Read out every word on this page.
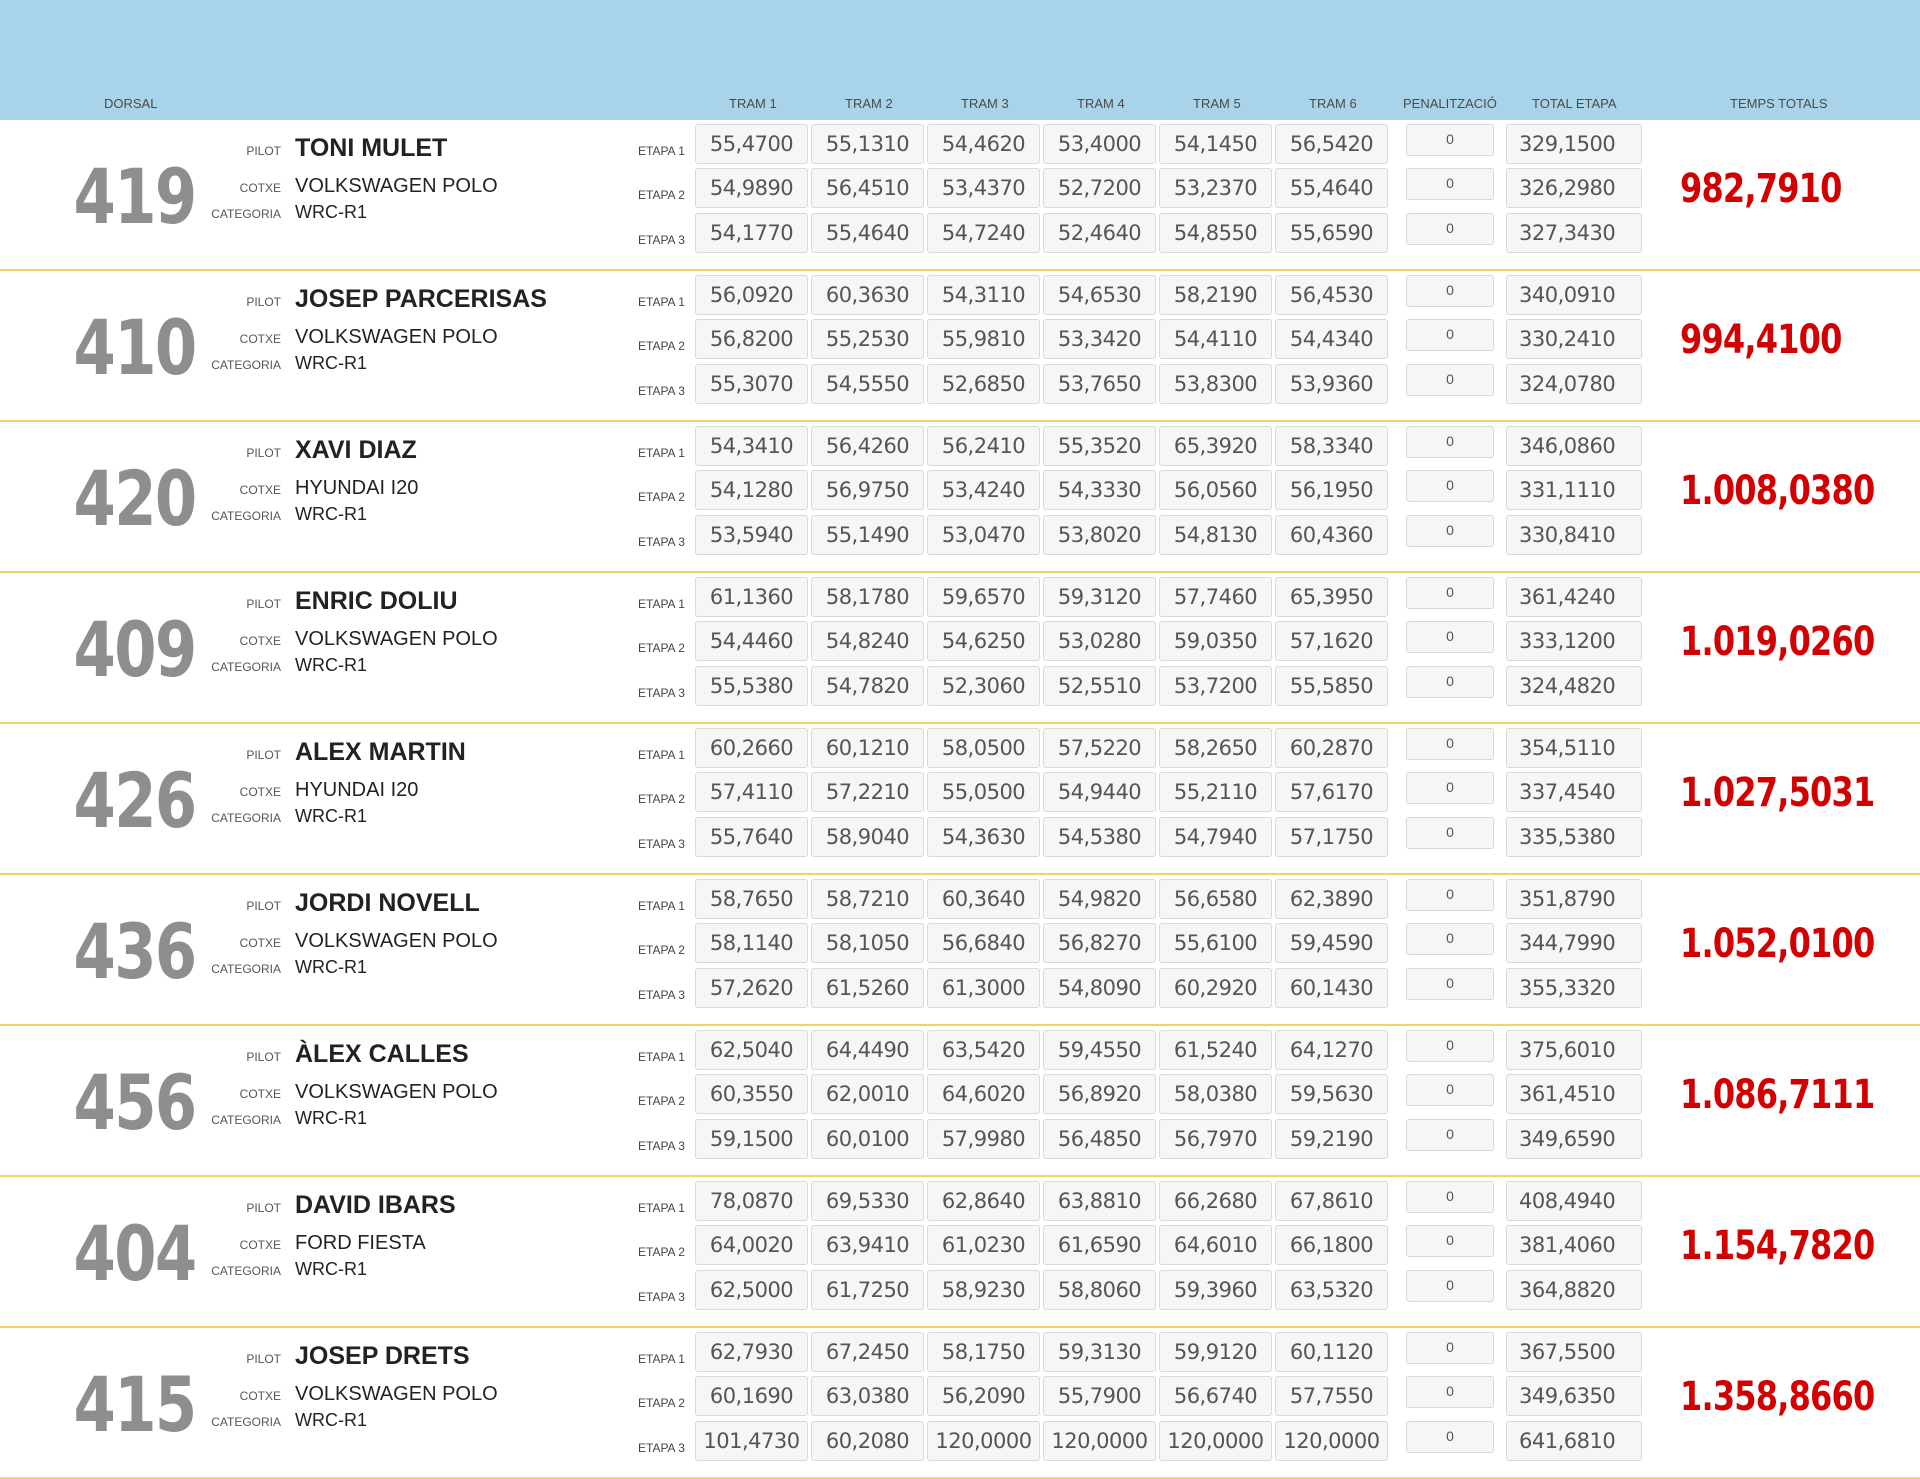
DORSAL	TRAM 1	TRAM 2	TRAM 3	TRAM 4	TRAM 5	TRAM 6	PENALITZACIÓ	TOTAL ETAPA	TEMPS TOTALS
419
PILOT TONI MULET
COTXE VOLKSWAGEN POLO
CATEGORIA WRC-R1
ETAPA 1	55,4700	55,1310	54,4620	53,4000	54,1450	56,5420	0	329,1500
ETAPA 2	54,9890	56,4510	53,4370	52,7200	53,2370	55,4640	0	326,2980
ETAPA 3	54,1770	55,4640	54,7240	52,4640	54,8550	55,6590	0	327,3430
982,7910
410
PILOT JOSEP PARCERISAS
COTXE VOLKSWAGEN POLO
CATEGORIA WRC-R1
ETAPA 1	56,0920	60,3630	54,3110	54,6530	58,2190	56,4530	0	340,0910
ETAPA 2	56,8200	55,2530	55,9810	53,3420	54,4110	54,4340	0	330,2410
ETAPA 3	55,3070	54,5550	52,6850	53,7650	53,8300	53,9360	0	324,0780
994,4100
420
PILOT XAVI DIAZ
COTXE HYUNDAI I20
CATEGORIA WRC-R1
ETAPA 1	54,3410	56,4260	56,2410	55,3520	65,3920	58,3340	0	346,0860
ETAPA 2	54,1280	56,9750	53,4240	54,3330	56,0560	56,1950	0	331,1110
ETAPA 3	53,5940	55,1490	53,0470	53,8020	54,8130	60,4360	0	330,8410
1.008,0380
409
PILOT ENRIC DOLIU
COTXE VOLKSWAGEN POLO
CATEGORIA WRC-R1
ETAPA 1	61,1360	58,1780	59,6570	59,3120	57,7460	65,3950	0	361,4240
ETAPA 2	54,4460	54,8240	54,6250	53,0280	59,0350	57,1620	0	333,1200
ETAPA 3	55,5380	54,7820	52,3060	52,5510	53,7200	55,5850	0	324,4820
1.019,0260
426
PILOT ALEX MARTIN
COTXE HYUNDAI I20
CATEGORIA WRC-R1
ETAPA 1	60,2660	60,1210	58,0500	57,5220	58,2650	60,2870	0	354,5110
ETAPA 2	57,4110	57,2210	55,0500	54,9440	55,2110	57,6170	0	337,4540
ETAPA 3	55,7640	58,9040	54,3630	54,5380	54,7940	57,1750	0	335,5380
1.027,5031
436
PILOT JORDI NOVELL
COTXE VOLKSWAGEN POLO
CATEGORIA WRC-R1
ETAPA 1	58,7650	58,7210	60,3640	54,9820	56,6580	62,3890	0	351,8790
ETAPA 2	58,1140	58,1050	56,6840	56,8270	55,6100	59,4590	0	344,7990
ETAPA 3	57,2620	61,5260	61,3000	54,8090	60,2920	60,1430	0	355,3320
1.052,0100
456
PILOT ÀLEX CALLES
COTXE VOLKSWAGEN POLO
CATEGORIA WRC-R1
ETAPA 1	62,5040	64,4490	63,5420	59,4550	61,5240	64,1270	0	375,6010
ETAPA 2	60,3550	62,0010	64,6020	56,8920	58,0380	59,5630	0	361,4510
ETAPA 3	59,1500	60,0100	57,9980	56,4850	56,7970	59,2190	0	349,6590
1.086,7111
404
PILOT DAVID IBARS
COTXE FORD FIESTA
CATEGORIA WRC-R1
ETAPA 1	78,0870	69,5330	62,8640	63,8810	66,2680	67,8610	0	408,4940
ETAPA 2	64,0020	63,9410	61,0230	61,6590	64,6010	66,1800	0	381,4060
ETAPA 3	62,5000	61,7250	58,9230	58,8060	59,3960	63,5320	0	364,8820
1.154,7820
415
PILOT JOSEP DRETS
COTXE VOLKSWAGEN POLO
CATEGORIA WRC-R1
ETAPA 1	62,7930	67,2450	58,1750	59,3130	59,9120	60,1120	0	367,5500
ETAPA 2	60,1690	63,0380	56,2090	55,7900	56,6740	57,7550	0	349,6350
ETAPA 3 101,4730	60,2080	120,0000 120,0000 120,0000 120,0000	0	641,6810
1.358,8660
